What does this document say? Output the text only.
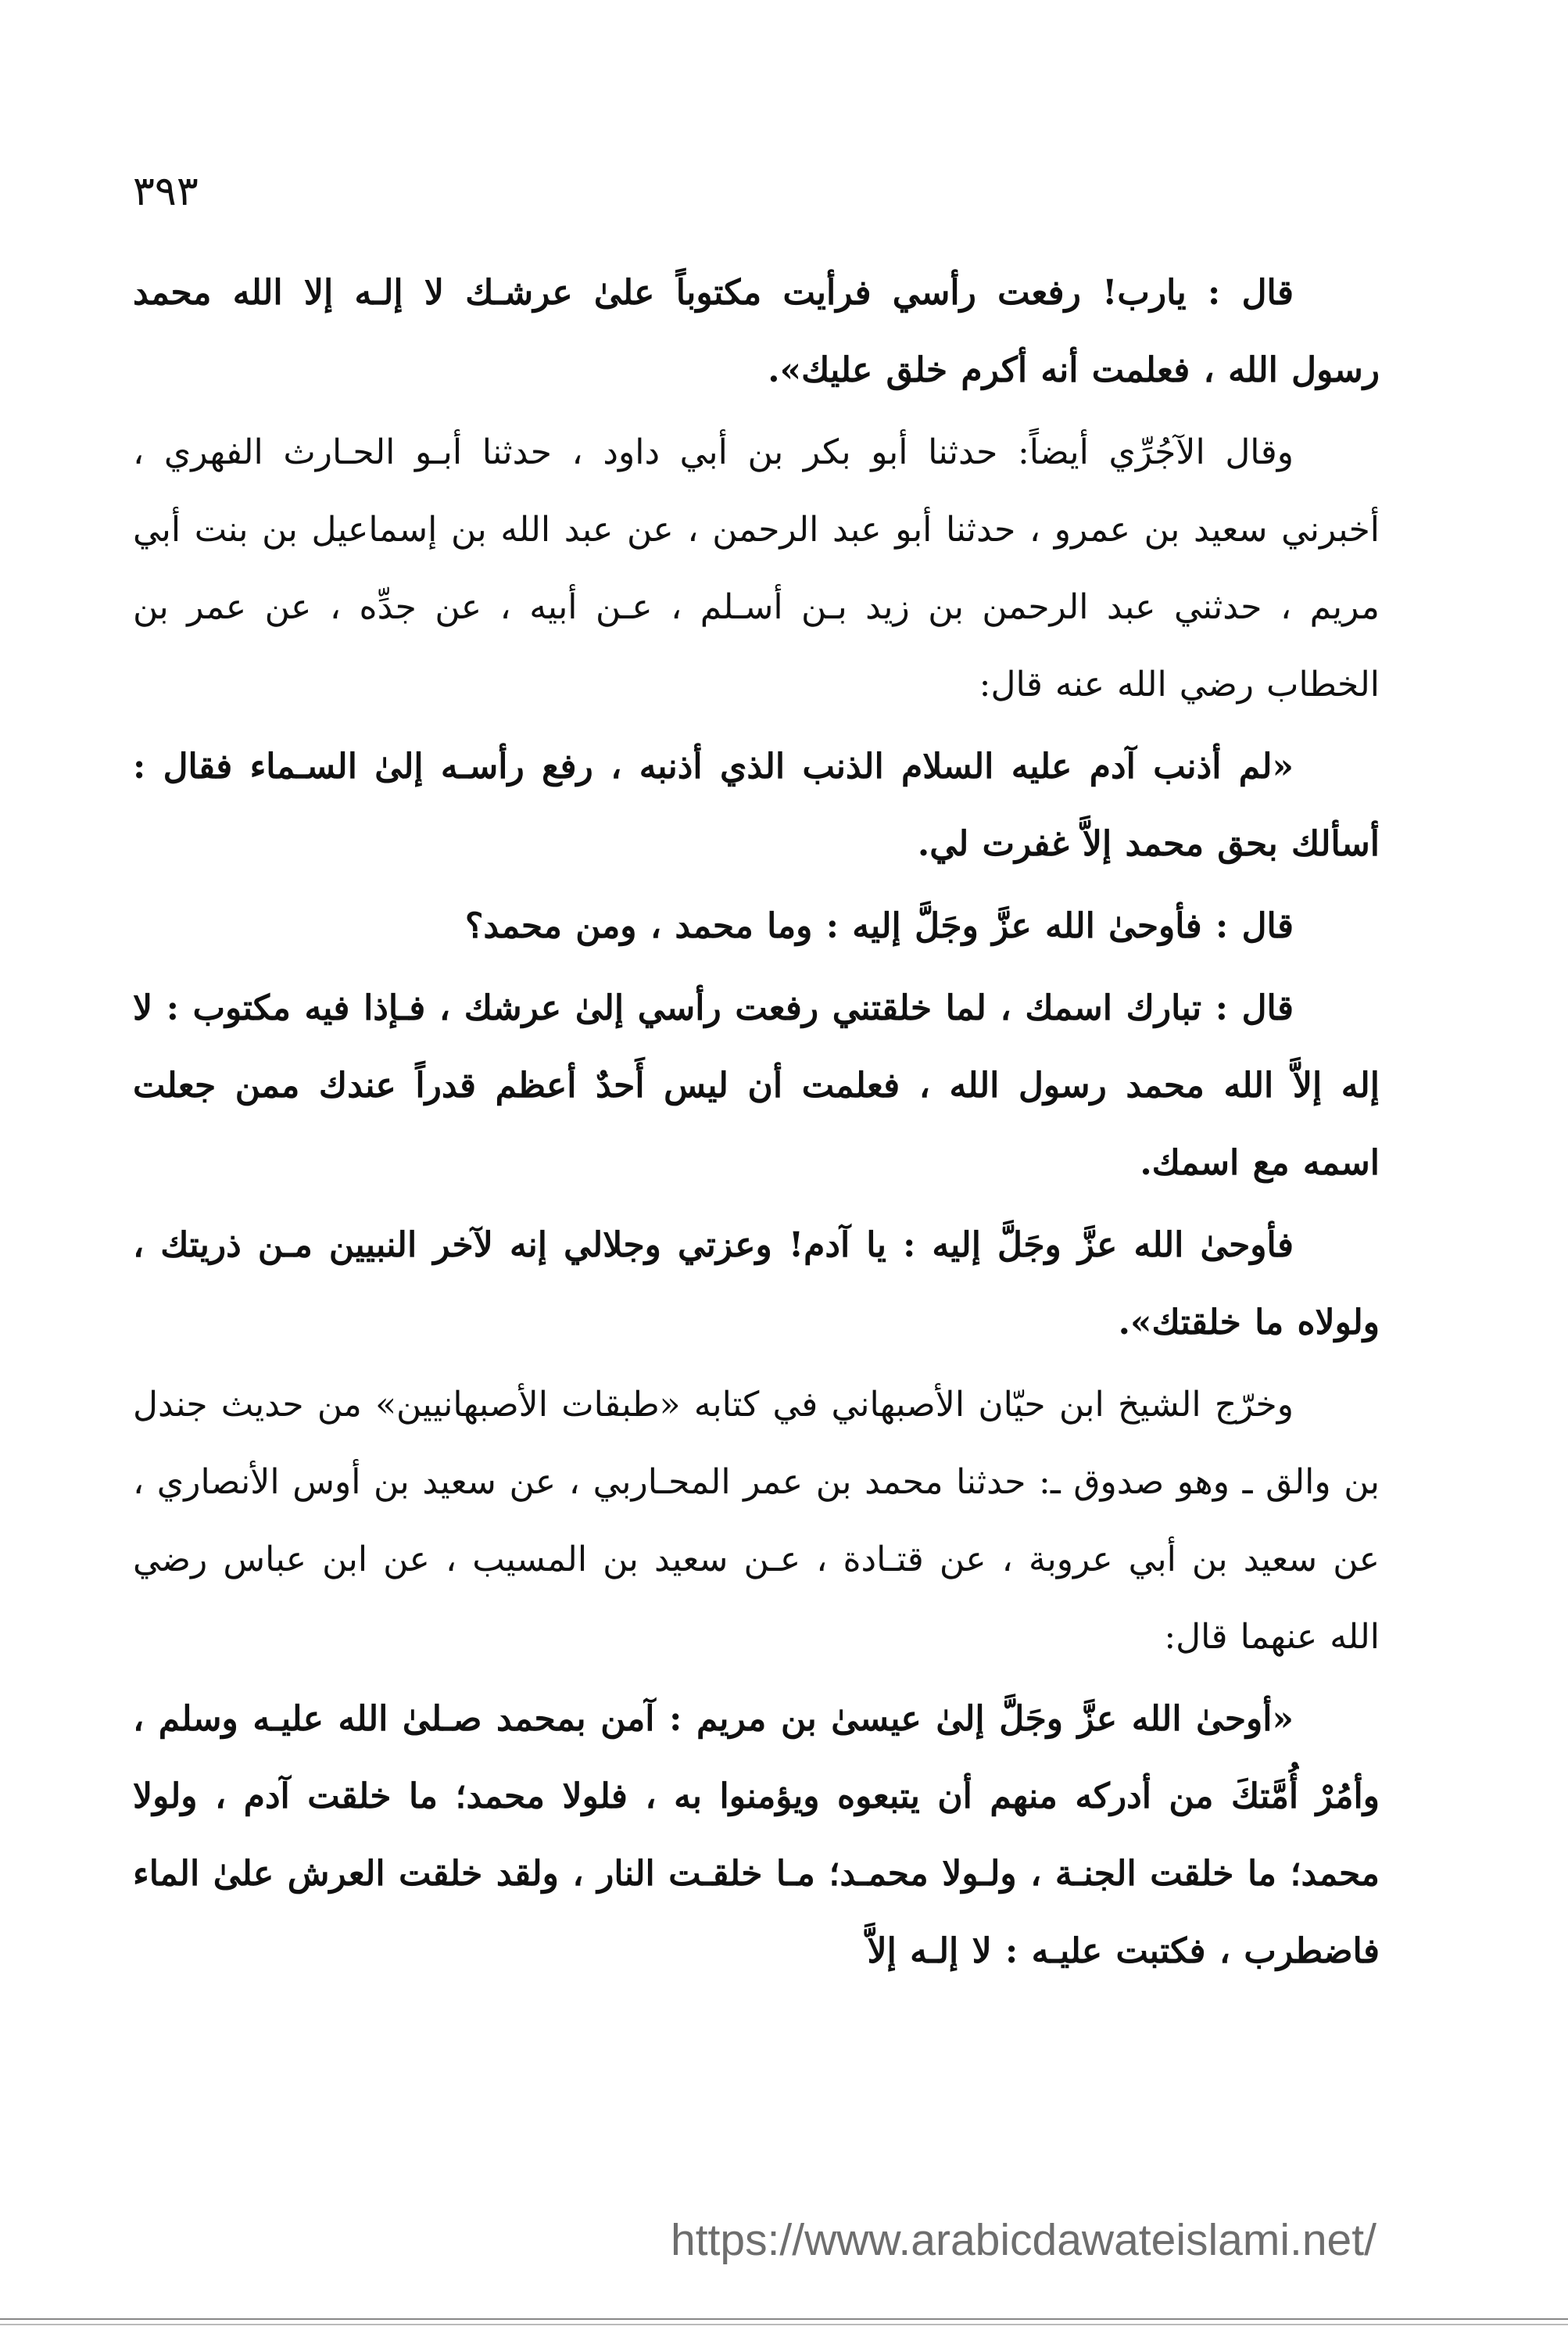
٣٩٣

قال : يارب! رفعت رأسي فرأيت مكتوباً علىٰ عرشـك لا إلـه إلا الله محمد رسول الله ، فعلمت أنه أكرم خلق عليك».

وقال الآجُرِّي أيضاً: حدثنا أبو بكر بن أبي داود ، حدثنا أبـو الحـارث الفهري ، أخبرني سعيد بن عمرو ، حدثنا أبو عبد الرحمن ، عن عبد الله بن إسماعيل بن بنت أبي مريم ، حدثني عبد الرحمن بن زيد بـن أسـلم ، عـن أبيه ، عن جدِّه ، عن عمر بن الخطاب رضي الله عنه قال:

«لم أذنب آدم عليه السلام الذنب الذي أذنبه ، رفع رأسـه إلىٰ السـماء فقال : أسألك بحق محمد إلاَّ غفرت لي.

قال : فأوحىٰ الله عزَّ وجَلَّ إليه : وما محمد ، ومن محمد؟

قال : تبارك اسمك ، لما خلقتني رفعت رأسي إلىٰ عرشك ، فـإذا فيه مكتوب : لا إله إلاَّ الله محمد رسول الله ، فعلمت أن ليس أَحدٌ أعظم قدراً عندك ممن جعلت اسمه مع اسمك.

فأوحىٰ الله عزَّ وجَلَّ إليه : يا آدم! وعزتي وجلالي إنه لآخر النبيين مـن ذريتك ، ولولاه ما خلقتك».

وخرّج الشيخ ابن حيّان الأصبهاني في كتابه «طبقات الأصبهانيين» من حديث جندل بن والق ـ وهو صدوق ـ: حدثنا محمد بن عمر المحـاربي ، عن سعيد بن أوس الأنصاري ، عن سعيد بن أبي عروبة ، عن قتـادة ، عـن سعيد بن المسيب ، عن ابن عباس رضي الله عنهما قال:

«أوحىٰ الله عزَّ وجَلَّ إلىٰ عيسىٰ بن مريم : آمن بمحمد صـلىٰ الله عليـه وسلم ، وأمُرْ أُمَّتكَ من أدركه منهم أن يتبعوه ويؤمنوا به ، فلولا محمد؛ ما خلقت آدم ، ولولا محمد؛ ما خلقت الجنـة ، ولـولا محمـد؛ مـا خلقـت النار ، ولقد خلقت العرش علىٰ الماء فاضطرب ، فكتبت عليـه : لا إلـه إلاَّ

https://www.arabicdawateislami.net/
